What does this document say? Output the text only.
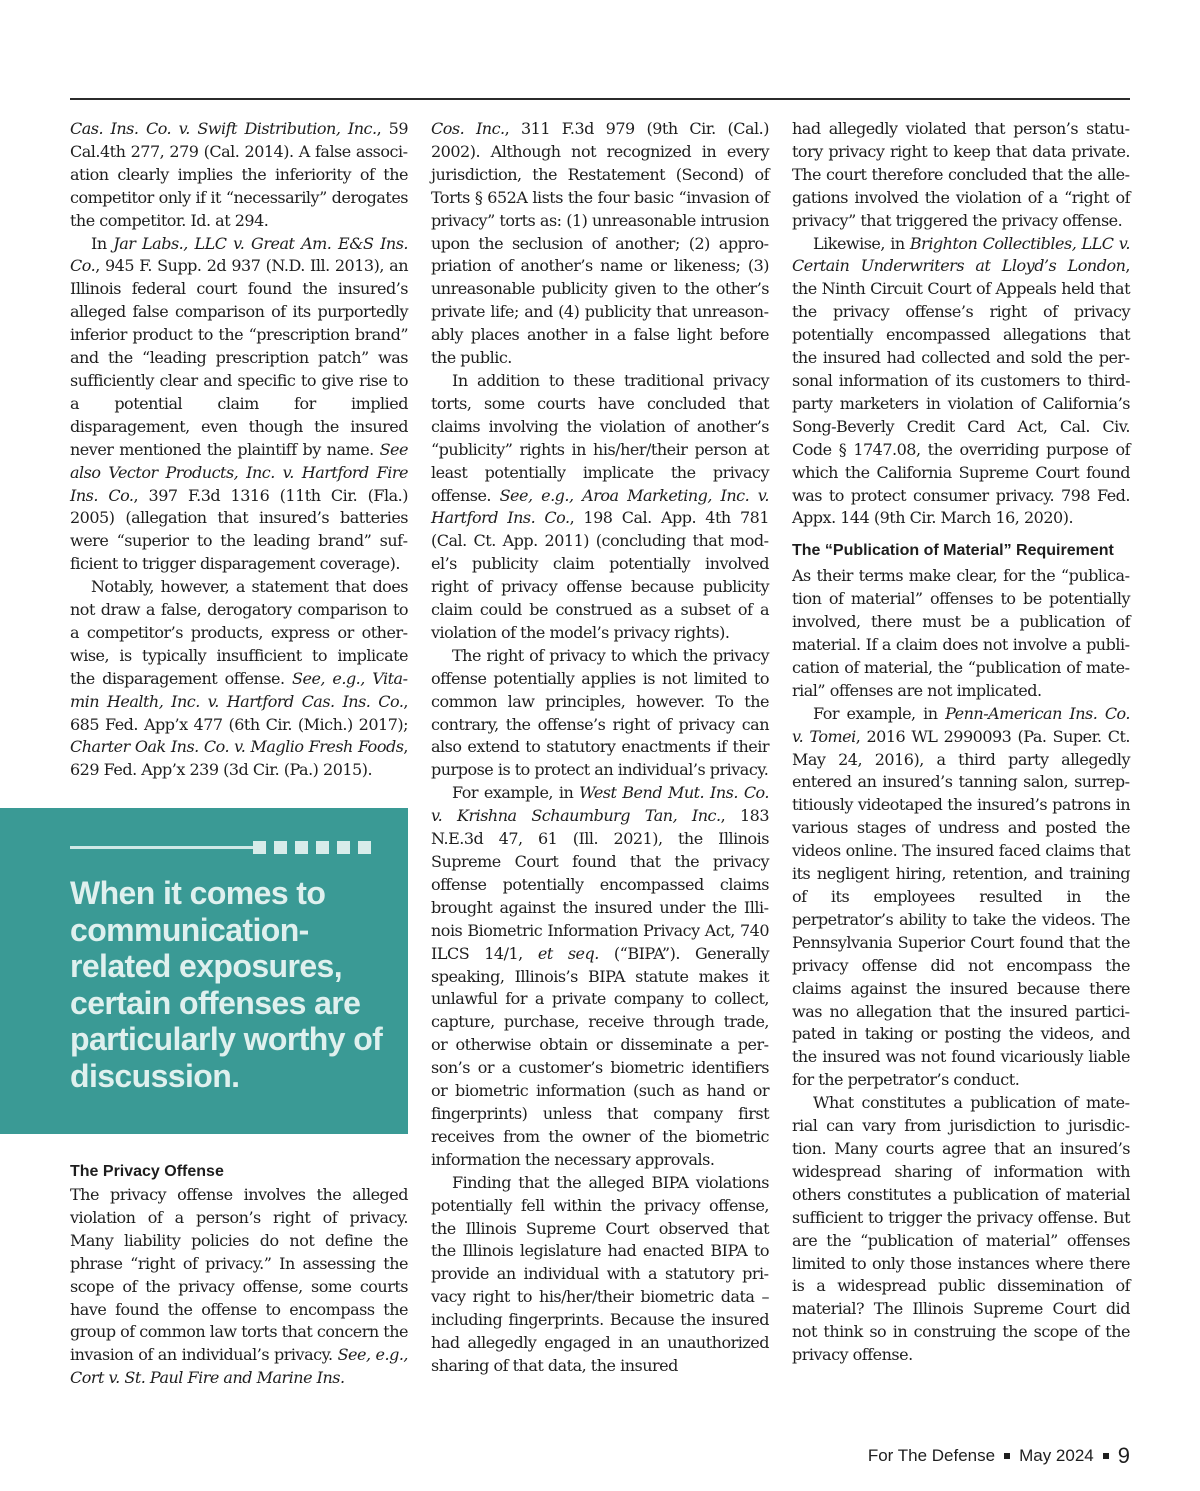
Cas. Ins. Co. v. Swift Distribution, Inc., 59 Cal.4th 277, 279 (Cal. 2014). A false association clearly implies the inferiority of the competitor only if it “necessarily” derogates the competitor. Id. at 294.

In Jar Labs., LLC v. Great Am. E&S Ins. Co., 945 F. Supp. 2d 937 (N.D. Ill. 2013), an Illinois federal court found the insured’s alleged false comparison of its purportedly inferior product to the “prescription brand” and the “leading prescription patch” was sufficiently clear and specific to give rise to a potential claim for implied disparagement, even though the insured never mentioned the plaintiff by name. See also Vector Products, Inc. v. Hartford Fire Ins. Co., 397 F.3d 1316 (11th Cir. (Fla.) 2005) (allegation that insured’s batteries were “superior to the leading brand” sufficient to trigger disparagement coverage).

Notably, however, a statement that does not draw a false, derogatory comparison to a competitor’s products, express or otherwise, is typically insufficient to implicate the disparagement offense. See, e.g., Vitamin Health, Inc. v. Hartford Cas. Ins. Co., 685 Fed. App’x 477 (6th Cir. (Mich.) 2017); Charter Oak Ins. Co. v. Maglio Fresh Foods, 629 Fed. App’x 239 (3d Cir. (Pa.) 2015).

When it comes to communication-related exposures, certain offenses are particularly worthy of discussion.
The Privacy Offense

The privacy offense involves the alleged violation of a person’s right of privacy. Many liability policies do not define the phrase “right of privacy.” In assessing the scope of the privacy offense, some courts have found the offense to encompass the group of common law torts that concern the invasion of an individual’s privacy. See, e.g., Cort v. St. Paul Fire and Marine Ins.

Cos. Inc., 311 F.3d 979 (9th Cir. (Cal.) 2002). Although not recognized in every jurisdiction, the Restatement (Second) of Torts § 652A lists the four basic “invasion of privacy” torts as: (1) unreasonable intrusion upon the seclusion of another; (2) appropriation of another’s name or likeness; (3) unreasonable publicity given to the other’s private life; and (4) publicity that unreasonably places another in a false light before the public.

In addition to these traditional privacy torts, some courts have concluded that claims involving the violation of another’s “publicity” rights in his/her/their person at least potentially implicate the privacy offense. See, e.g., Aroa Marketing, Inc. v. Hartford Ins. Co., 198 Cal. App. 4th 781 (Cal. Ct. App. 2011) (concluding that model’s publicity claim potentially involved right of privacy offense because publicity claim could be construed as a subset of a violation of the model’s privacy rights).

The right of privacy to which the privacy offense potentially applies is not limited to common law principles, however. To the contrary, the offense’s right of privacy can also extend to statutory enactments if their purpose is to protect an individual’s privacy.

For example, in West Bend Mut. Ins. Co. v. Krishna Schaumburg Tan, Inc., 183 N.E.3d 47, 61 (Ill. 2021), the Illinois Supreme Court found that the privacy offense potentially encompassed claims brought against the insured under the Illinois Biometric Information Privacy Act, 740 ILCS 14/1, et seq. (“BIPA”). Generally speaking, Illinois’s BIPA statute makes it unlawful for a private company to collect, capture, purchase, receive through trade, or otherwise obtain or disseminate a person’s or a customer’s biometric identifiers or biometric information (such as hand or fingerprints) unless that company first receives from the owner of the biometric information the necessary approvals.

Finding that the alleged BIPA violations potentially fell within the privacy offense, the Illinois Supreme Court observed that the Illinois legislature had enacted BIPA to provide an individual with a statutory privacy right to his/her/their biometric data – including fingerprints. Because the insured had allegedly engaged in an unauthorized sharing of that data, the insured

had allegedly violated that person’s statutory privacy right to keep that data private. The court therefore concluded that the allegations involved the violation of a “right of privacy” that triggered the privacy offense.

Likewise, in Brighton Collectibles, LLC v. Certain Underwriters at Lloyd’s London, the Ninth Circuit Court of Appeals held that the privacy offense’s right of privacy potentially encompassed allegations that the insured had collected and sold the personal information of its customers to third-party marketers in violation of California’s Song-Beverly Credit Card Act, Cal. Civ. Code § 1747.08, the overriding purpose of which the California Supreme Court found was to protect consumer privacy. 798 Fed. Appx. 144 (9th Cir. March 16, 2020).

The “Publication of Material” Requirement

As their terms make clear, for the “publication of material” offenses to be potentially involved, there must be a publication of material. If a claim does not involve a publication of material, the “publication of material” offenses are not implicated.

For example, in Penn-American Ins. Co. v. Tomei, 2016 WL 2990093 (Pa. Super. Ct. May 24, 2016), a third party allegedly entered an insured’s tanning salon, surreptitiously videotaped the insured’s patrons in various stages of undress and posted the videos online. The insured faced claims that its negligent hiring, retention, and training of its employees resulted in the perpetrator’s ability to take the videos. The Pennsylvania Superior Court found that the privacy offense did not encompass the claims against the insured because there was no allegation that the insured participated in taking or posting the videos, and the insured was not found vicariously liable for the perpetrator’s conduct.

What constitutes a publication of material can vary from jurisdiction to jurisdiction. Many courts agree that an insured’s widespread sharing of information with others constitutes a publication of material sufficient to trigger the privacy offense. But are the “publication of material” offenses limited to only those instances where there is a widespread public dissemination of material? The Illinois Supreme Court did not think so in construing the scope of the privacy offense.

For The Defense May 2024 9
